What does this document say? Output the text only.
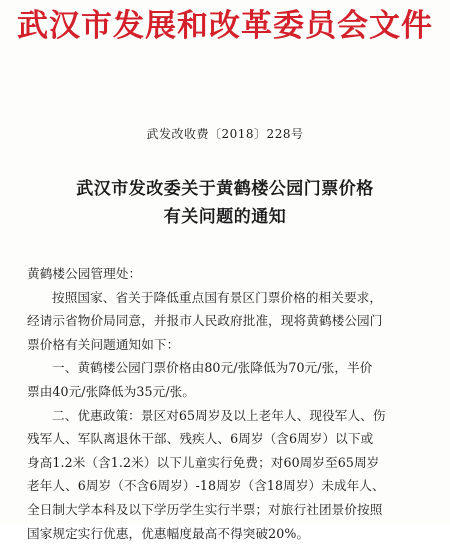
武汉市发展和改革委员会文件
武发改收费〔2018〕228号
武汉市发改委关于黄鹤楼公园门票价格
有关问题的通知
黄鹤楼公园管理处：
按照国家、省关于降低重点国有景区门票价格的相关要求，
经请示省物价局同意，并报市人民政府批准，现将黄鹤楼公园门
票价格有关问题通知如下：
一、黄鹤楼公园门票价格由80元/张降低为70元/张，半价
票由40元/张降低为35元/张。
二、优惠政策：景区对65周岁及以上老年人、现役军人、伤
残军人、军队离退休干部、残疾人、6周岁（含6周岁）以下或
身高1.2米（含1.2米）以下儿童实行免费；对60周岁至65周岁
老年人、6周岁（不含6周岁）-18周岁（含18周岁）未成年人、
全日制大学本科及以下学历学生实行半票；对旅行社团景价按照
国家规定实行优惠，优惠幅度最高不得突破20%。
